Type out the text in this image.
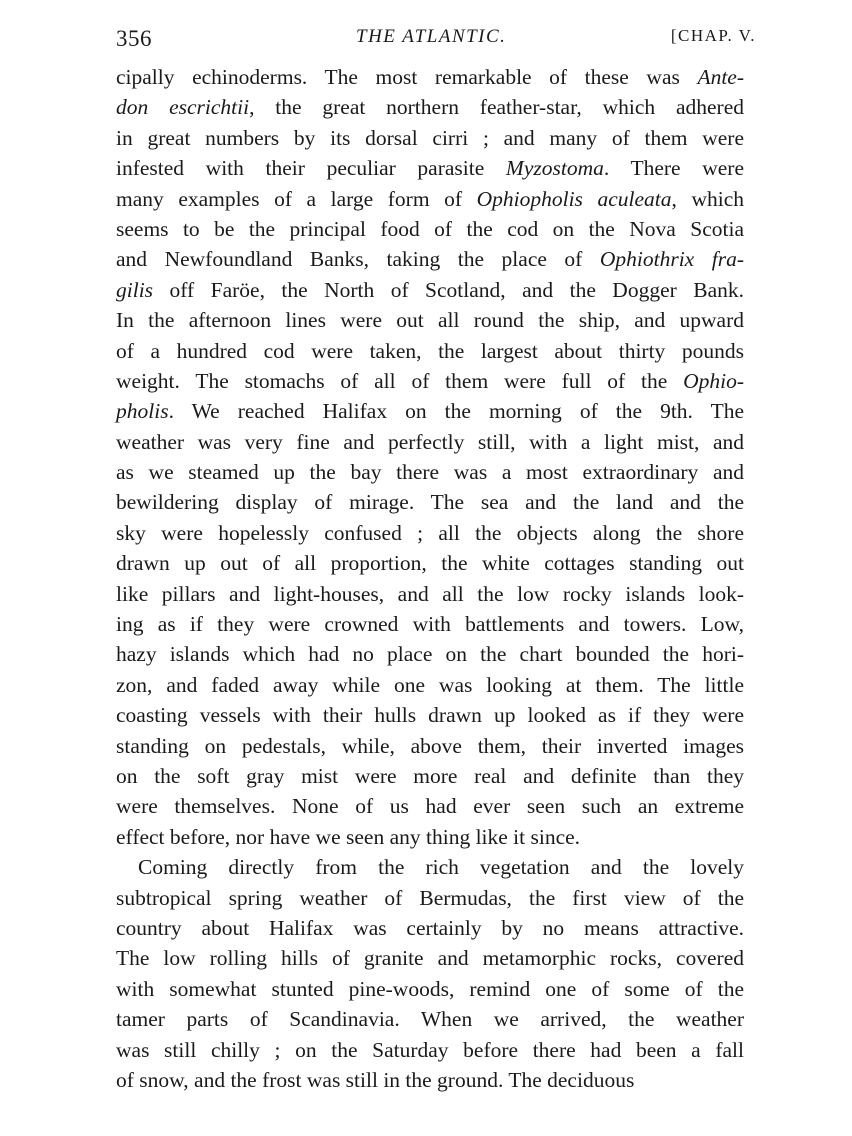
356	THE ATLANTIC.	[CHAP. V.
cipally echinoderms. The most remarkable of these was Ante-
don escrichtii, the great northern feather-star, which adhered
in great numbers by its dorsal cirri ; and many of them were
infested with their peculiar parasite Myzostoma. There were
many examples of a large form of Ophiopholis aculeata, which
seems to be the principal food of the cod on the Nova Scotia
and Newfoundland Banks, taking the place of Ophiothrix fra-
gilis off Faröe, the North of Scotland, and the Dogger Bank.
In the afternoon lines were out all round the ship, and upward
of a hundred cod were taken, the largest about thirty pounds
weight. The stomachs of all of them were full of the Ophio-
pholis. We reached Halifax on the morning of the 9th. The
weather was very fine and perfectly still, with a light mist, and
as we steamed up the bay there was a most extraordinary and
bewildering display of mirage. The sea and the land and the
sky were hopelessly confused ; all the objects along the shore
drawn up out of all proportion, the white cottages standing out
like pillars and light-houses, and all the low rocky islands look-
ing as if they were crowned with battlements and towers. Low,
hazy islands which had no place on the chart bounded the hori-
zon, and faded away while one was looking at them. The little
coasting vessels with their hulls drawn up looked as if they were
standing on pedestals, while, above them, their inverted images
on the soft gray mist were more real and definite than they
were themselves. None of us had ever seen such an extreme
effect before, nor have we seen any thing like it since.
Coming directly from the rich vegetation and the lovely
subtropical spring weather of Bermudas, the first view of the
country about Halifax was certainly by no means attractive.
The low rolling hills of granite and metamorphic rocks, covered
with somewhat stunted pine-woods, remind one of some of the
tamer parts of Scandinavia. When we arrived, the weather
was still chilly ; on the Saturday before there had been a fall
of snow, and the frost was still in the ground. The deciduous
